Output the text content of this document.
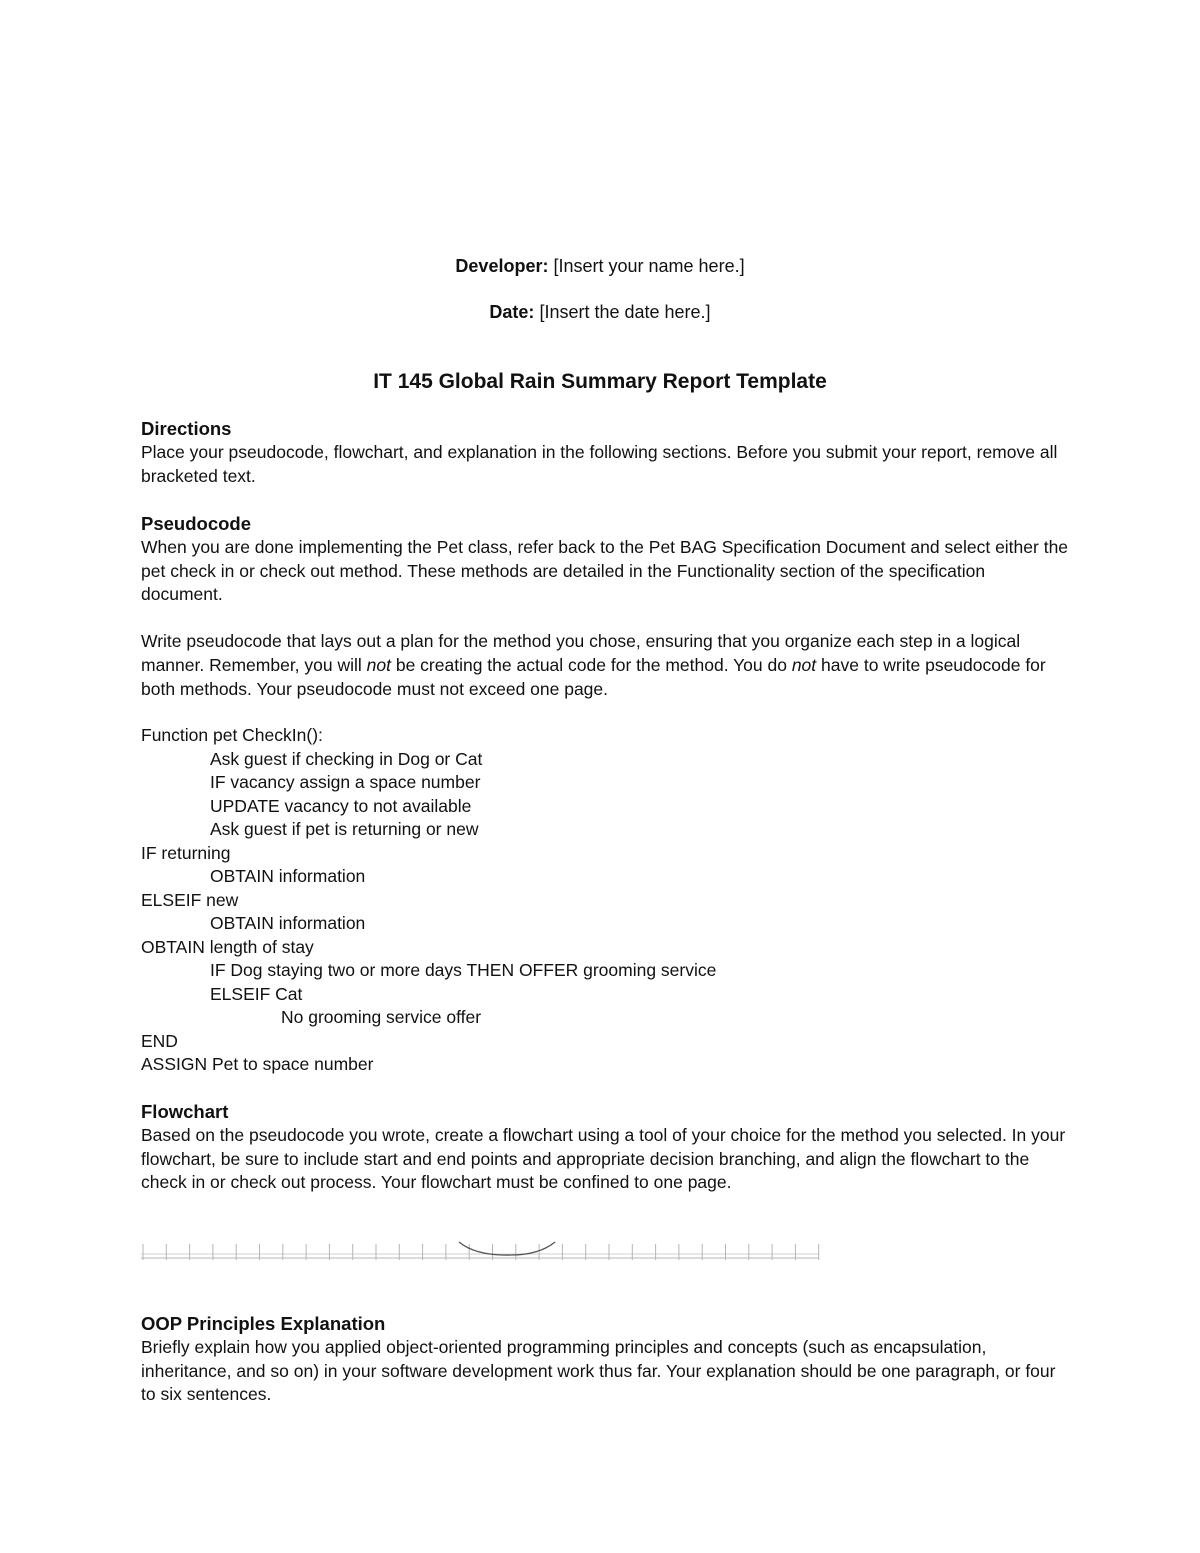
Developer: [Insert your name here.]
Date: [Insert the date here.]
IT 145 Global Rain Summary Report Template

Directions

Place your pseudocode, flowchart, and explanation in the following sections. Before you submit your report, remove all bracketed text.

Pseudocode

When you are done implementing the Pet class, refer back to the Pet BAG Specification Document and select either the pet check in or check out method. These methods are detailed in the Functionality section of the specification document.

Write pseudocode that lays out a plan for the method you chose, ensuring that you organize each step in a logical manner. Remember, you will not be creating the actual code for the method. You do not have to write pseudocode for both methods. Your pseudocode must not exceed one page.

Function pet CheckIn():
Ask guest if checking in Dog or Cat
IF vacancy assign a space number
UPDATE vacancy to not available
Ask guest if pet is returning or new
IF returning
OBTAIN information
ELSEIF new
OBTAIN information
OBTAIN length of stay
IF Dog staying two or more days THEN OFFER grooming service
ELSEIF Cat
No grooming service offer
END
ASSIGN Pet to space number

Flowchart

Based on the pseudocode you wrote, create a flowchart using a tool of your choice for the method you selected. In your flowchart, be sure to include start and end points and appropriate decision branching, and align the flowchart to the check in or check out process. Your flowchart must be confined to one page.

OOP Principles Explanation

Briefly explain how you applied object-oriented programming principles and concepts (such as encapsulation, inheritance, and so on) in your software development work thus far. Your explanation should be one paragraph, or four to six sentences.
